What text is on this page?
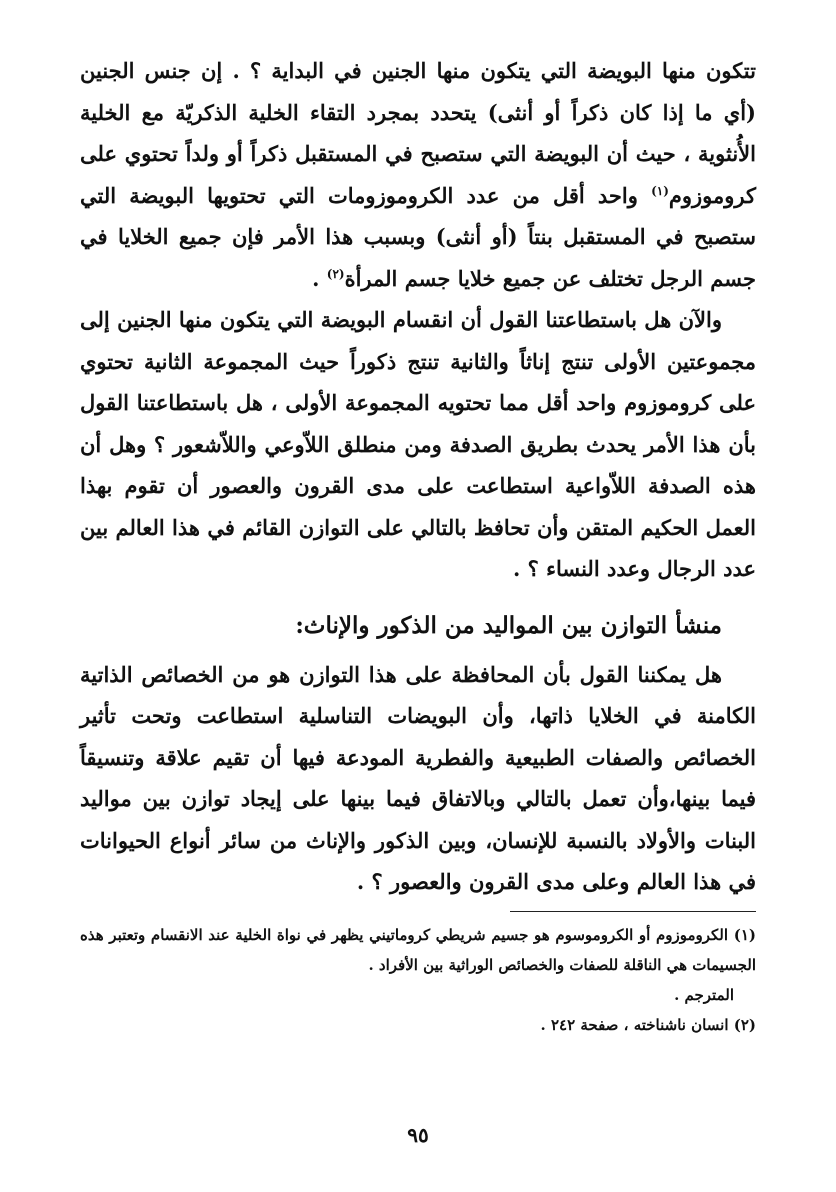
تتكون منها البويضة التي يتكون منها الجنين في البداية ؟ . إن جنس الجنين (أي ما إذا كان ذكراً أو أنثى) يتحدد بمجرد التقاء الخلية الذكريّة مع الخلية الأُنثوية ، حيث أن البويضة التي ستصبح في المستقبل ذكراً أو ولداً تحتوي على كروموزوم$^{(١)}$ واحد أقل من عدد الكروموزومات التي تحتويها البويضة التي ستصبح في المستقبل بنتاً (أو أنثى) وبسبب هذا الأمر فإن جميع الخلايا في جسم الرجل تختلف عن جميع خلايا جسم المرأة$^{(٢)}$ .

والآن هل باستطاعتنا القول أن انقسام البويضة التي يتكون منها الجنين إلى مجموعتين الأولى تنتج إناثاً والثانية تنتج ذكوراً حيث المجموعة الثانية تحتوي على كروموزوم واحد أقل مما تحتويه المجموعة الأولى ، هل باستطاعتنا القول بأن هذا الأمر يحدث بطريق الصدفة ومن منطلق اللاّوعي واللاّشعور ؟ وهل أن هذه الصدفة اللاّواعية استطاعت على مدى القرون والعصور أن تقوم بهذا العمل الحكيم المتقن وأن تحافظ بالتالي على التوازن القائم في هذا العالم بين عدد الرجال وعدد النساء ؟ .

منشأ التوازن بين المواليد من الذكور والإناث:

هل يمكننا القول بأن المحافظة على هذا التوازن هو من الخصائص الذاتية الكامنة في الخلايا ذاتها، وأن البويضات التناسلية استطاعت وتحت تأثير الخصائص والصفات الطبيعية والفطرية المودعة فيها أن تقيم علاقة وتنسيقاً فيما بينها،وأن تعمل بالتالي وبالاتفاق فيما بينها على إيجاد توازن بين مواليد البنات والأولاد بالنسبة للإنسان، وبين الذكور والإناث من سائر أنواع الحيوانات في هذا العالم وعلى مدى القرون والعصور ؟ .

(١) الكروموزوم أو الكروموسوم هو جسيم شريطي كروماتيني يظهر في نواة الخلية عند الانقسام وتعتبر هذه الجسيمات هي الناقلة للصفات والخصائص الوراثية بين الأفراد .
المترجم .

(٢) انسان ناشناخته ، صفحة ٢٤٢ .

٩٥
